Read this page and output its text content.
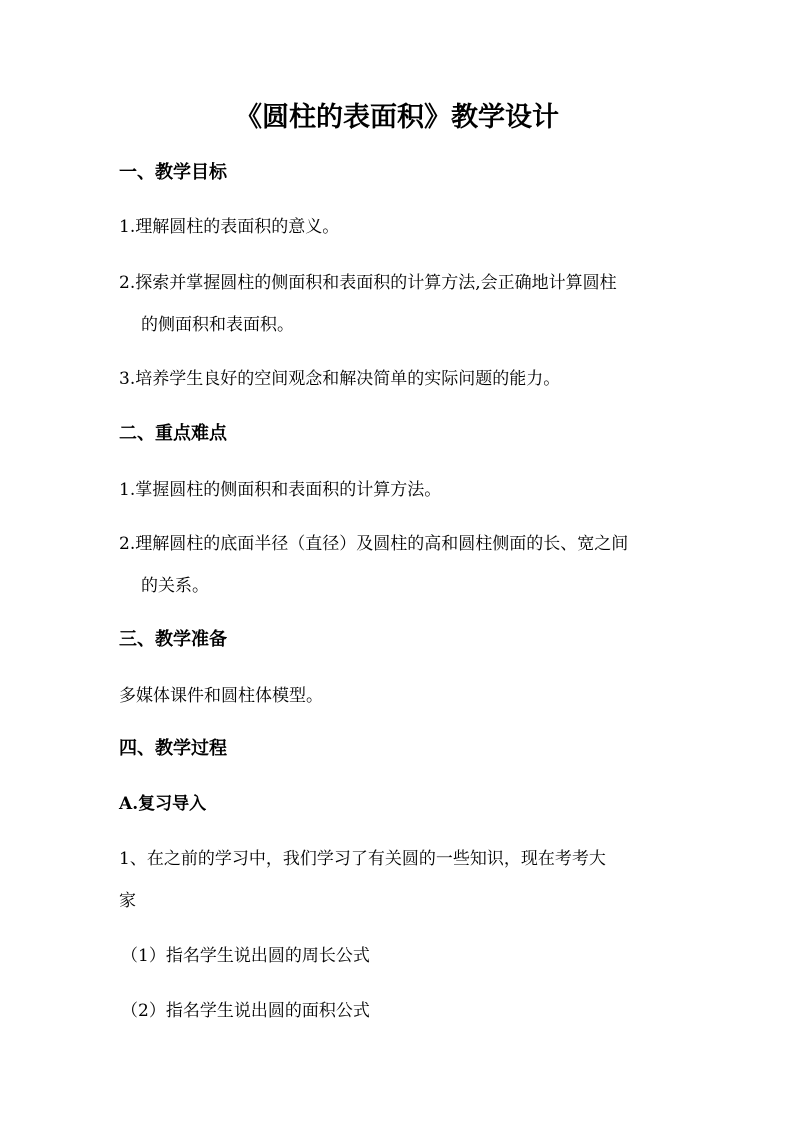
《圆柱的表面积》教学设计
一、教学目标
1.理解圆柱的表面积的意义。
2.探索并掌握圆柱的侧面积和表面积的计算方法,会正确地计算圆柱
的侧面积和表面积。
3.培养学生良好的空间观念和解决简单的实际问题的能力。
二、重点难点
1.掌握圆柱的侧面积和表面积的计算方法。
2.理解圆柱的底面半径（直径）及圆柱的高和圆柱侧面的长、宽之间
的关系。
三、教学准备
多媒体课件和圆柱体模型。
四、教学过程
A.复习导入
1、在之前的学习中，我们学习了有关圆的一些知识，现在考考大
家
（1）指名学生说出圆的周长公式
（2）指名学生说出圆的面积公式
